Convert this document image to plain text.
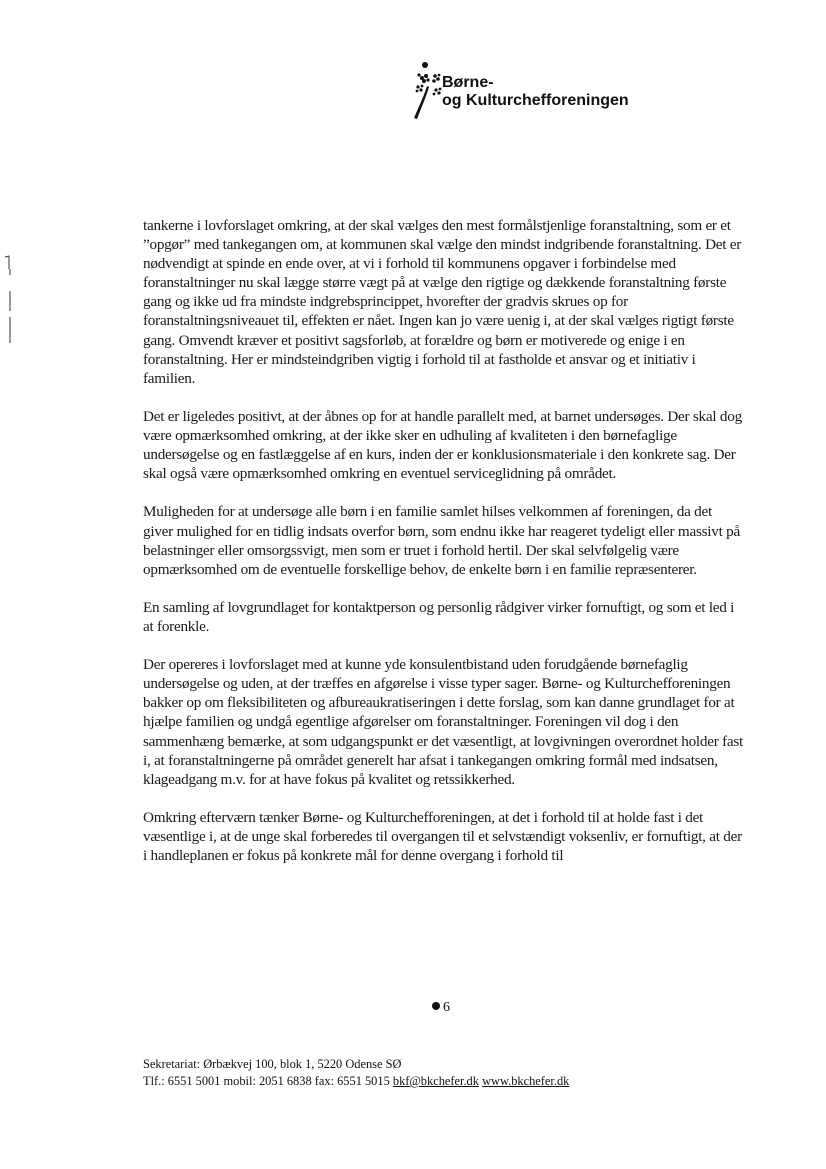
Børne-
og Kulturchefforeningen

tankerne i lovforslaget omkring, at der skal vælges den mest formålstjenlige foranstaltning, som er et ”opgør” med tankegangen om, at kommunen skal vælge den mindst indgribende foranstaltning. Det er nødvendigt at spinde en ende over, at vi i forhold til kommunens opgaver i forbindelse med foranstaltninger nu skal lægge større vægt på at vælge den rigtige og dækkende foranstaltning første gang og ikke ud fra mindste indgrebsprincippet, hvorefter der gradvis skrues op for foranstaltningsniveauet til, effekten er nået. Ingen kan jo være uenig i, at der skal vælges rigtigt første gang. Omvendt kræver et positivt sagsforløb, at forældre og børn er motiverede og enige i en foranstaltning. Her er mindsteindgriben vigtig i forhold til at fastholde et ansvar og et initiativ i familien.

Det er ligeledes positivt, at der åbnes op for at handle parallelt med, at barnet undersøges. Der skal dog være opmærksomhed omkring, at der ikke sker en udhuling af kvaliteten i den børnefaglige undersøgelse og en fastlæggelse af en kurs, inden der er konklusionsmateriale i den konkrete sag. Der skal også være opmærksomhed omkring en eventuel serviceglidning på området.

Muligheden for at undersøge alle børn i en familie samlet hilses velkommen af foreningen, da det giver mulighed for en tidlig indsats overfor børn, som endnu ikke har reageret tydeligt eller massivt på belastninger eller omsorgssvigt, men som er truet i forhold hertil. Der skal selvfølgelig være opmærksomhed om de eventuelle forskellige behov, de enkelte børn i en familie repræsenterer.

En samling af lovgrundlaget for kontaktperson og personlig rådgiver virker fornuftigt, og som et led i at forenkle.

Der opereres i lovforslaget med at kunne yde konsulentbistand uden forudgående børnefaglig undersøgelse og uden, at der træffes en afgørelse i visse typer sager. Børne- og Kulturchefforeningen bakker op om fleksibiliteten og afbureaukratiseringen i dette forslag, som kan danne grundlaget for at hjælpe familien og undgå egentlige afgørelser om foranstaltninger. Foreningen vil dog i den sammenhæng bemærke, at som udgangspunkt er det væsentligt, at lovgivningen overordnet holder fast i, at foranstaltningerne på området generelt har afsat i tankegangen omkring formål med indsatsen, klageadgang m.v. for at have fokus på kvalitet og retssikkerhed.

Omkring efterværn tænker Børne- og Kulturchefforeningen, at det i forhold til at holde fast i det væsentlige i, at de unge skal forberedes til overgangen til et selvstændigt voksenliv, er fornuftigt, at der i handleplanen er fokus på konkrete mål for denne overgang i forhold til

6
Sekretariat: Ørbækvej 100, blok 1, 5220 Odense SØ
Tlf.: 6551 5001 mobil: 2051 6838 fax: 6551 5015 bkf@bkchefer.dk www.bkchefer.dk
